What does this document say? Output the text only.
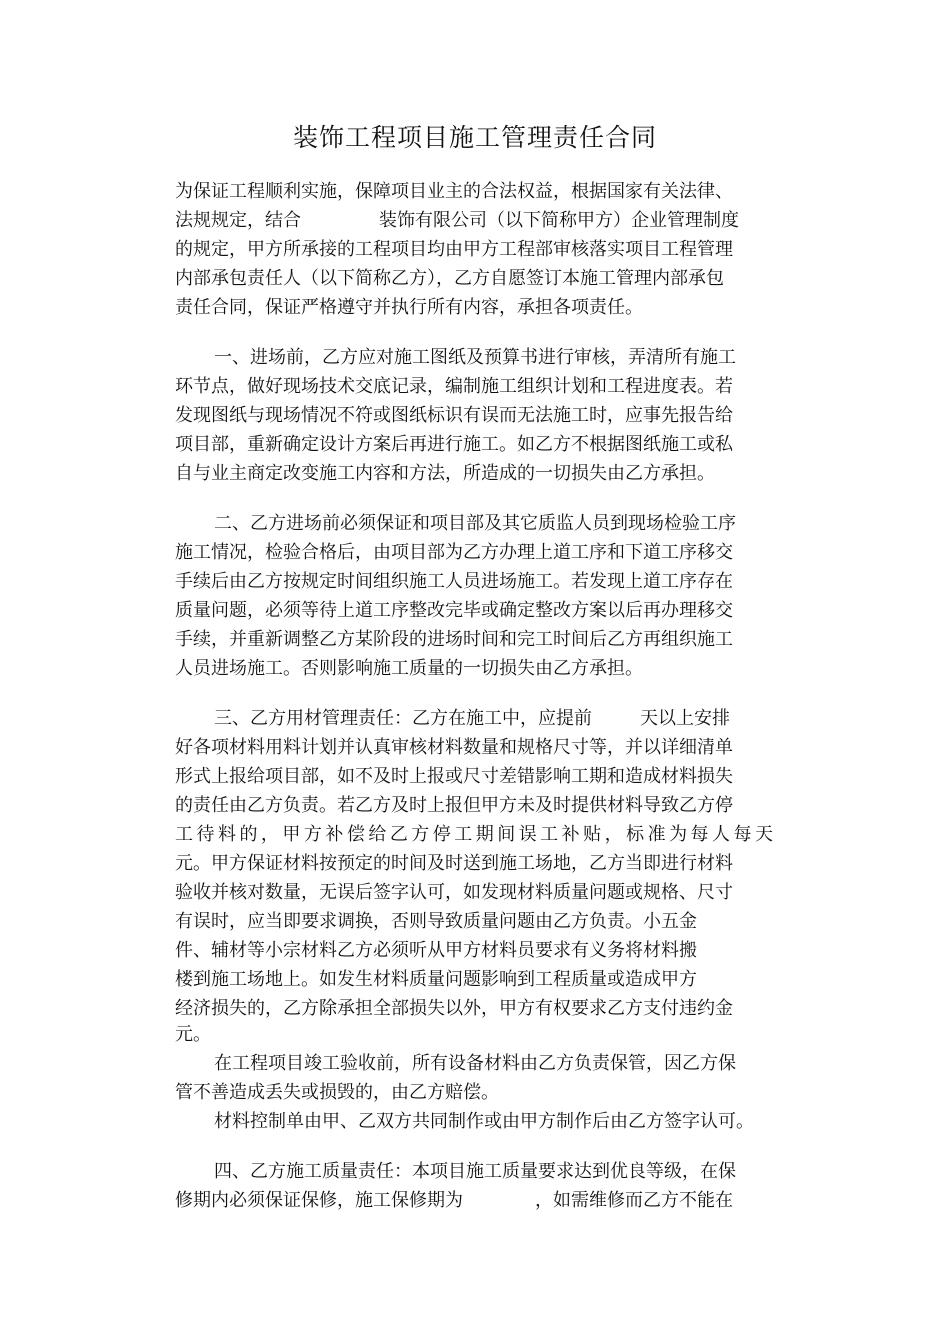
装饰工程项目施工管理责任合同
为保证工程顺利实施，保障项目业主的合法权益，根据国家有关法律、
法规规定，结合	装饰有限公司（以下简称甲方）企业管理制度
的规定，甲方所承接的工程项目均由甲方工程部审核落实项目工程管理
内部承包责任人（以下简称乙方），乙方自愿签订本施工管理内部承包
责任合同，保证严格遵守并执行所有内容，承担各项责任。
一、进场前，乙方应对施工图纸及预算书进行审核，弄清所有施工
环节点，做好现场技术交底记录，编制施工组织计划和工程进度表。若
发现图纸与现场情况不符或图纸标识有误而无法施工时，应事先报告给
项目部，重新确定设计方案后再进行施工。如乙方不根据图纸施工或私
自与业主商定改变施工内容和方法，所造成的一切损失由乙方承担。
二、乙方进场前必须保证和项目部及其它质监人员到现场检验工序
施工情况，检验合格后，由项目部为乙方办理上道工序和下道工序移交
手续后由乙方按规定时间组织施工人员进场施工。若发现上道工序存在
质量问题，必须等待上道工序整改完毕或确定整改方案以后再办理移交
手续，并重新调整乙方某阶段的进场时间和完工时间后乙方再组织施工
人员进场施工。否则影响施工质量的一切损失由乙方承担。
三、乙方用材管理责任：乙方在施工中，应提前	天以上安排
好各项材料用料计划并认真审核材料数量和规格尺寸等，并以详细清单
形式上报给项目部，如不及时上报或尺寸差错影响工期和造成材料损失
的责任由乙方负责。若乙方及时上报但甲方未及时提供材料导致乙方停
工待料的，甲方补偿给乙方停工期间误工补贴，标准为每人每天
元。甲方保证材料按预定的时间及时送到施工场地，乙方当即进行材料
验收并核对数量，无误后签字认可，如发现材料质量问题或规格、尺寸
有误时，应当即要求调换，否则导致质量问题由乙方负责。小五金
件、辅材等小宗材料乙方必须听从甲方材料员要求有义务将材料搬
楼到施工场地上。如发生材料质量问题影响到工程质量或造成甲方
经济损失的，乙方除承担全部损失以外，甲方有权要求乙方支付违约金
元。
在工程项目竣工验收前，所有设备材料由乙方负责保管，因乙方保
管不善造成丢失或损毁的，由乙方赔偿。
材料控制单由甲、乙双方共同制作或由甲方制作后由乙方签字认可。
四、乙方施工质量责任：本项目施工质量要求达到优良等级，在保
修期内必须保证保修，施工保修期为	，如需维修而乙方不能在
